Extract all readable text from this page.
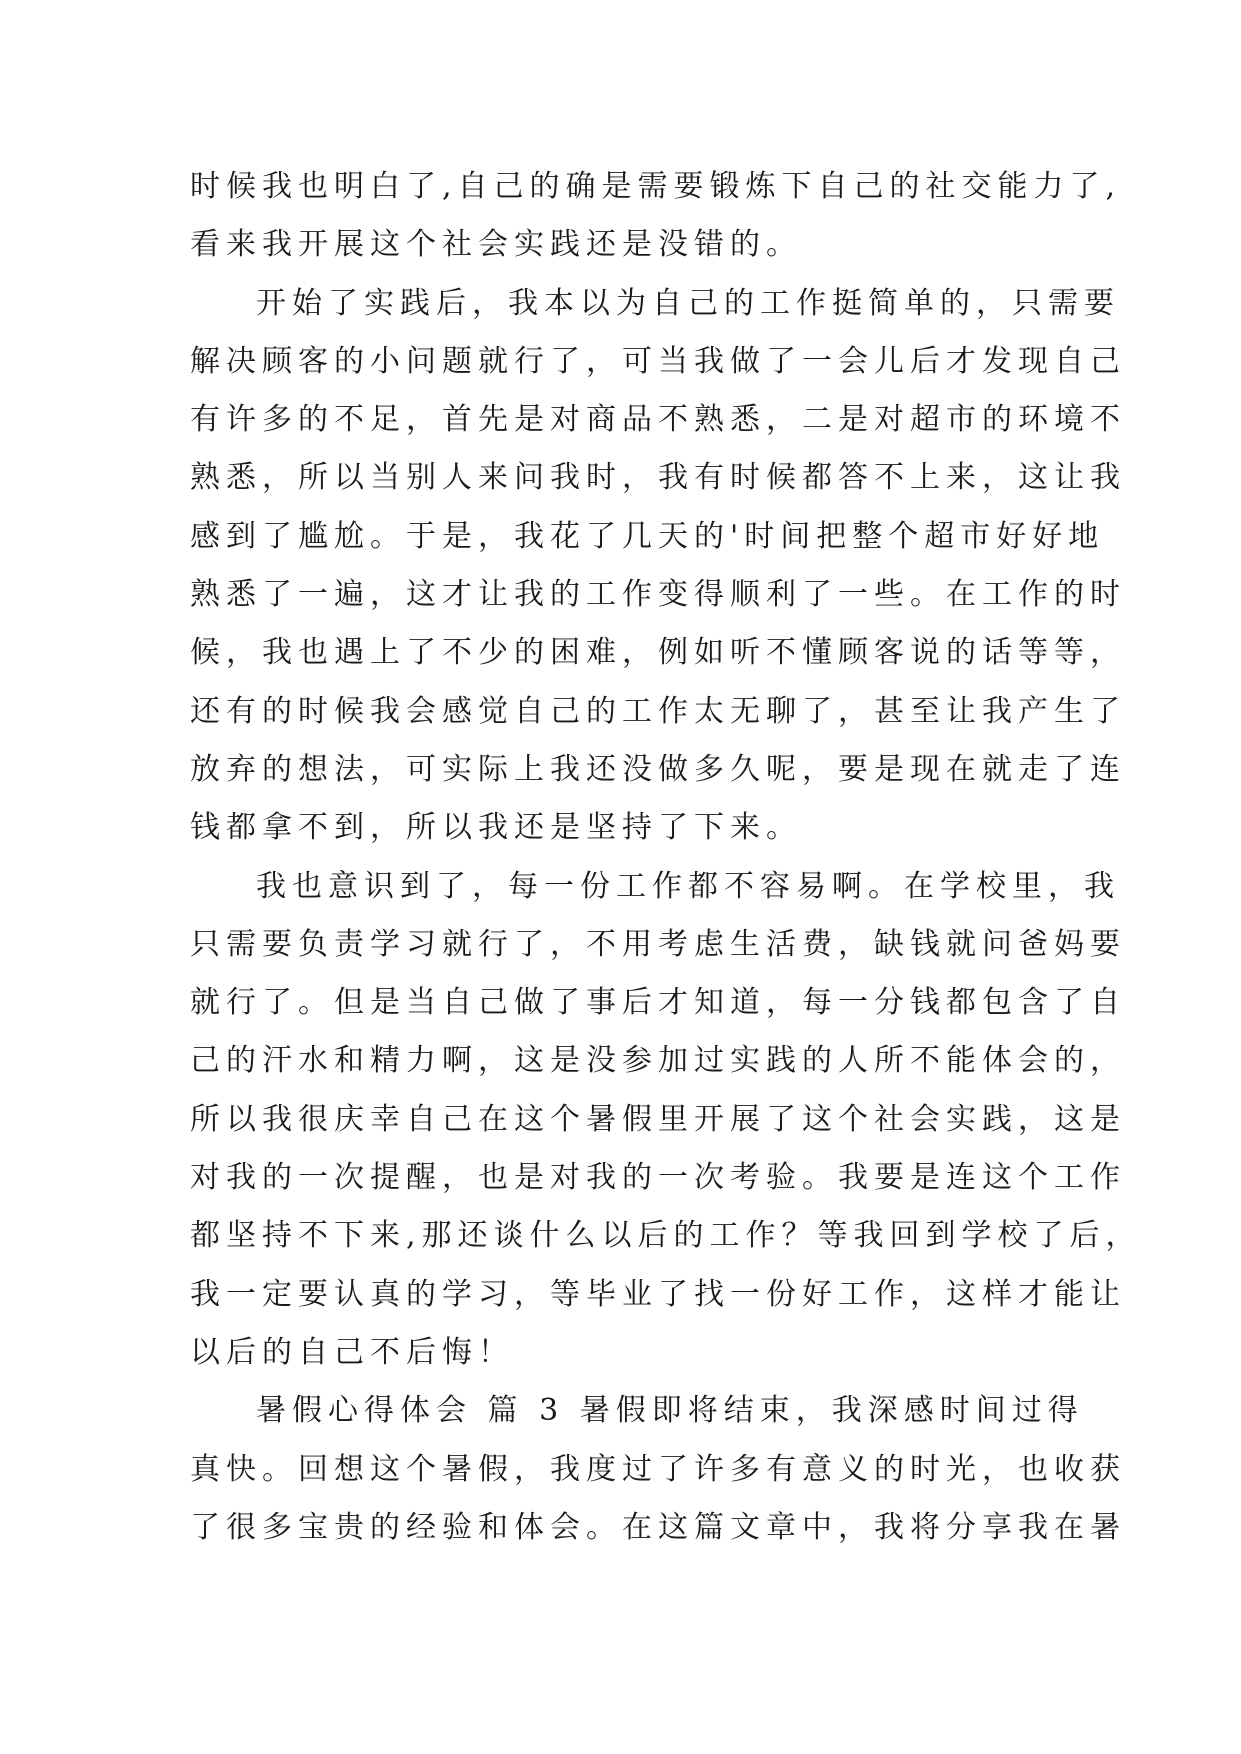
时候我也明白了,自己的确是需要锻炼下自己的社交能力了,
看来我开展这个社会实践还是没错的。
开始了实践后，我本以为自己的工作挺简单的，只需要
解决顾客的小问题就行了，可当我做了一会儿后才发现自己
有许多的不足，首先是对商品不熟悉，二是对超市的环境不
熟悉，所以当别人来问我时，我有时候都答不上来，这让我
感到了尴尬。于是，我花了几天的'时间把整个超市好好地
熟悉了一遍，这才让我的工作变得顺利了一些。在工作的时
候，我也遇上了不少的困难，例如听不懂顾客说的话等等，
还有的时候我会感觉自己的工作太无聊了，甚至让我产生了
放弃的想法，可实际上我还没做多久呢，要是现在就走了连
钱都拿不到，所以我还是坚持了下来。
我也意识到了，每一份工作都不容易啊。在学校里，我
只需要负责学习就行了，不用考虑生活费，缺钱就问爸妈要
就行了。但是当自己做了事后才知道，每一分钱都包含了自
己的汗水和精力啊，这是没参加过实践的人所不能体会的，
所以我很庆幸自己在这个暑假里开展了这个社会实践，这是
对我的一次提醒，也是对我的一次考验。我要是连这个工作
都坚持不下来,那还谈什么以后的工作？等我回到学校了后，
我一定要认真的学习，等毕业了找一份好工作，这样才能让
以后的自己不后悔！
暑假心得体会 篇 3 暑假即将结束，我深感时间过得
真快。回想这个暑假，我度过了许多有意义的时光，也收获
了很多宝贵的经验和体会。在这篇文章中，我将分享我在暑
